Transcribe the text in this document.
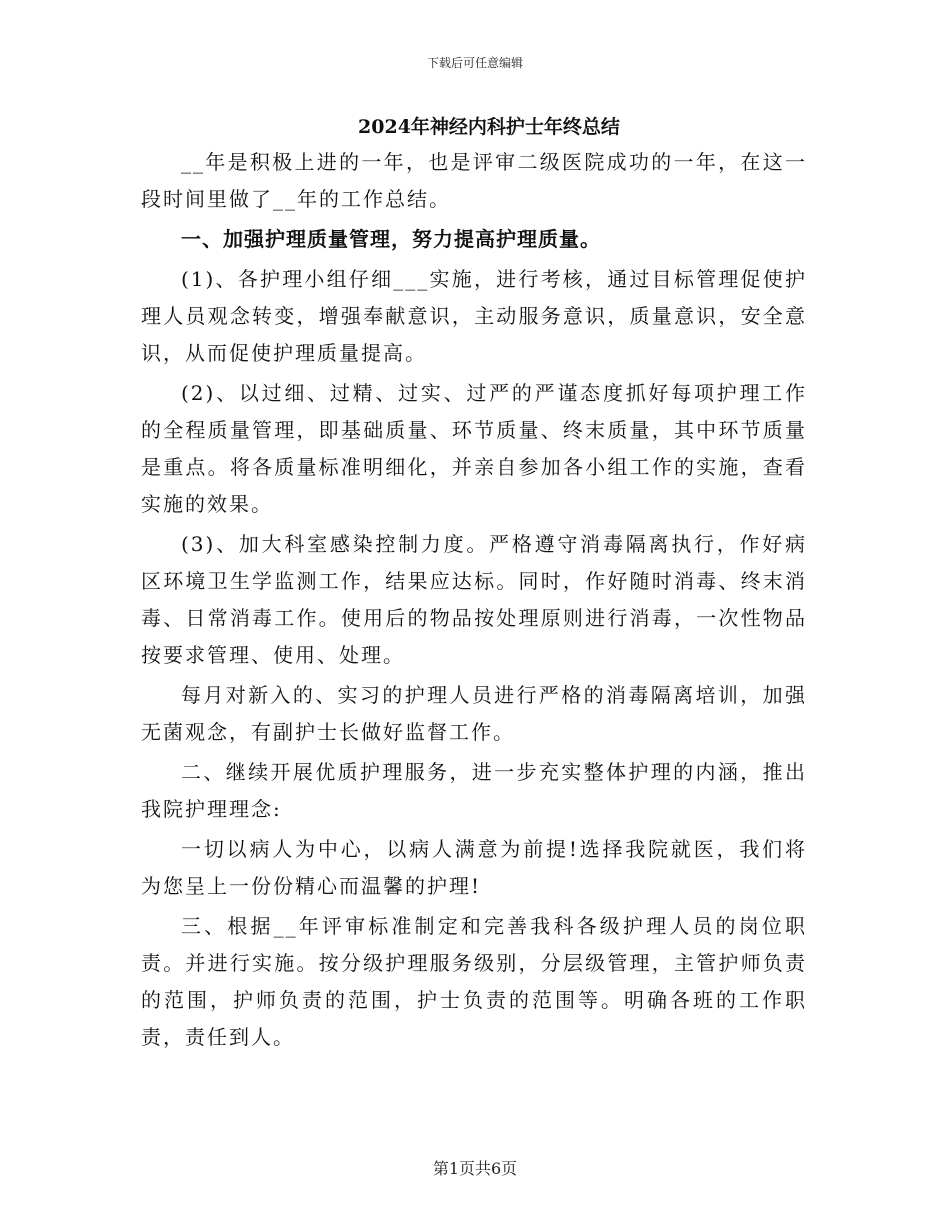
下载后可任意编辑
2024年神经内科护士年终总结

__年是积极上进的一年，也是评审二级医院成功的一年，在这一段时间里做了__年的工作总结。

一、加强护理质量管理，努力提高护理质量。

(1)、各护理小组仔细___实施，进行考核，通过目标管理促使护理人员观念转变，增强奉献意识，主动服务意识，质量意识，安全意识，从而促使护理质量提高。

(2)、以过细、过精、过实、过严的严谨态度抓好每项护理工作的全程质量管理，即基础质量、环节质量、终末质量，其中环节质量是重点。将各质量标准明细化，并亲自参加各小组工作的实施，查看实施的效果。

(3)、加大科室感染控制力度。严格遵守消毒隔离执行，作好病区环境卫生学监测工作，结果应达标。同时，作好随时消毒、终末消毒、日常消毒工作。使用后的物品按处理原则进行消毒，一次性物品按要求管理、使用、处理。

每月对新入的、实习的护理人员进行严格的消毒隔离培训，加强无菌观念，有副护士长做好监督工作。

二、继续开展优质护理服务，进一步充实整体护理的内涵，推出我院护理理念:

一切以病人为中心，以病人满意为前提!选择我院就医，我们将为您呈上一份份精心而温馨的护理!

三、根据__年评审标准制定和完善我科各级护理人员的岗位职责。并进行实施。按分级护理服务级别，分层级管理，主管护师负责的范围，护师负责的范围，护士负责的范围等。明确各班的工作职责，责任到人。

第1页共6页
